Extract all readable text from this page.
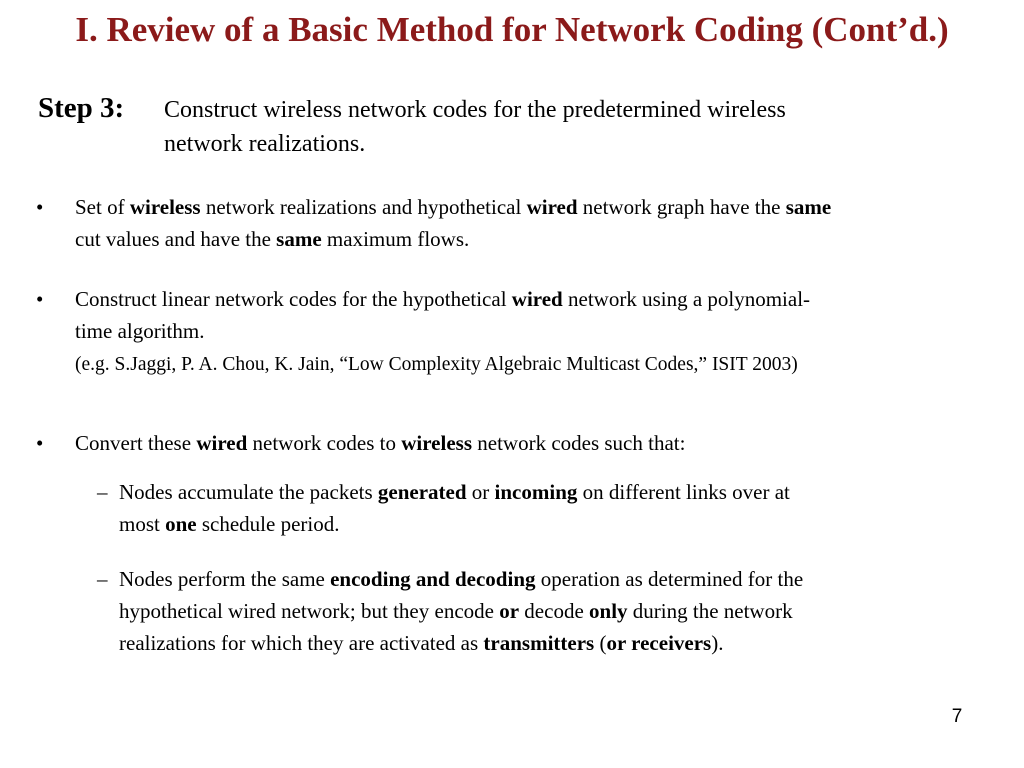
I. Review of a Basic Method for Network Coding (Cont’d.)
Step 3: Construct wireless network codes for the predetermined wireless
network realizations.
• Set of wireless network realizations and hypothetical wired network graph have the same
cut values and have the same maximum flows.
• Construct linear network codes for the hypothetical wired network using a polynomial-
time algorithm.
(e.g. S.Jaggi, P. A. Chou, K. Jain, “Low Complexity Algebraic Multicast Codes,” ISIT 2003)
• Convert these wired network codes to wireless network codes such that:
– Nodes accumulate the packets generated or incoming on different links over at
most one schedule period.
– Nodes perform the same encoding and decoding operation as determined for the
hypothetical wired network; but they encode or decode only during the network
realizations for which they are activated as transmitters (or receivers).
7
